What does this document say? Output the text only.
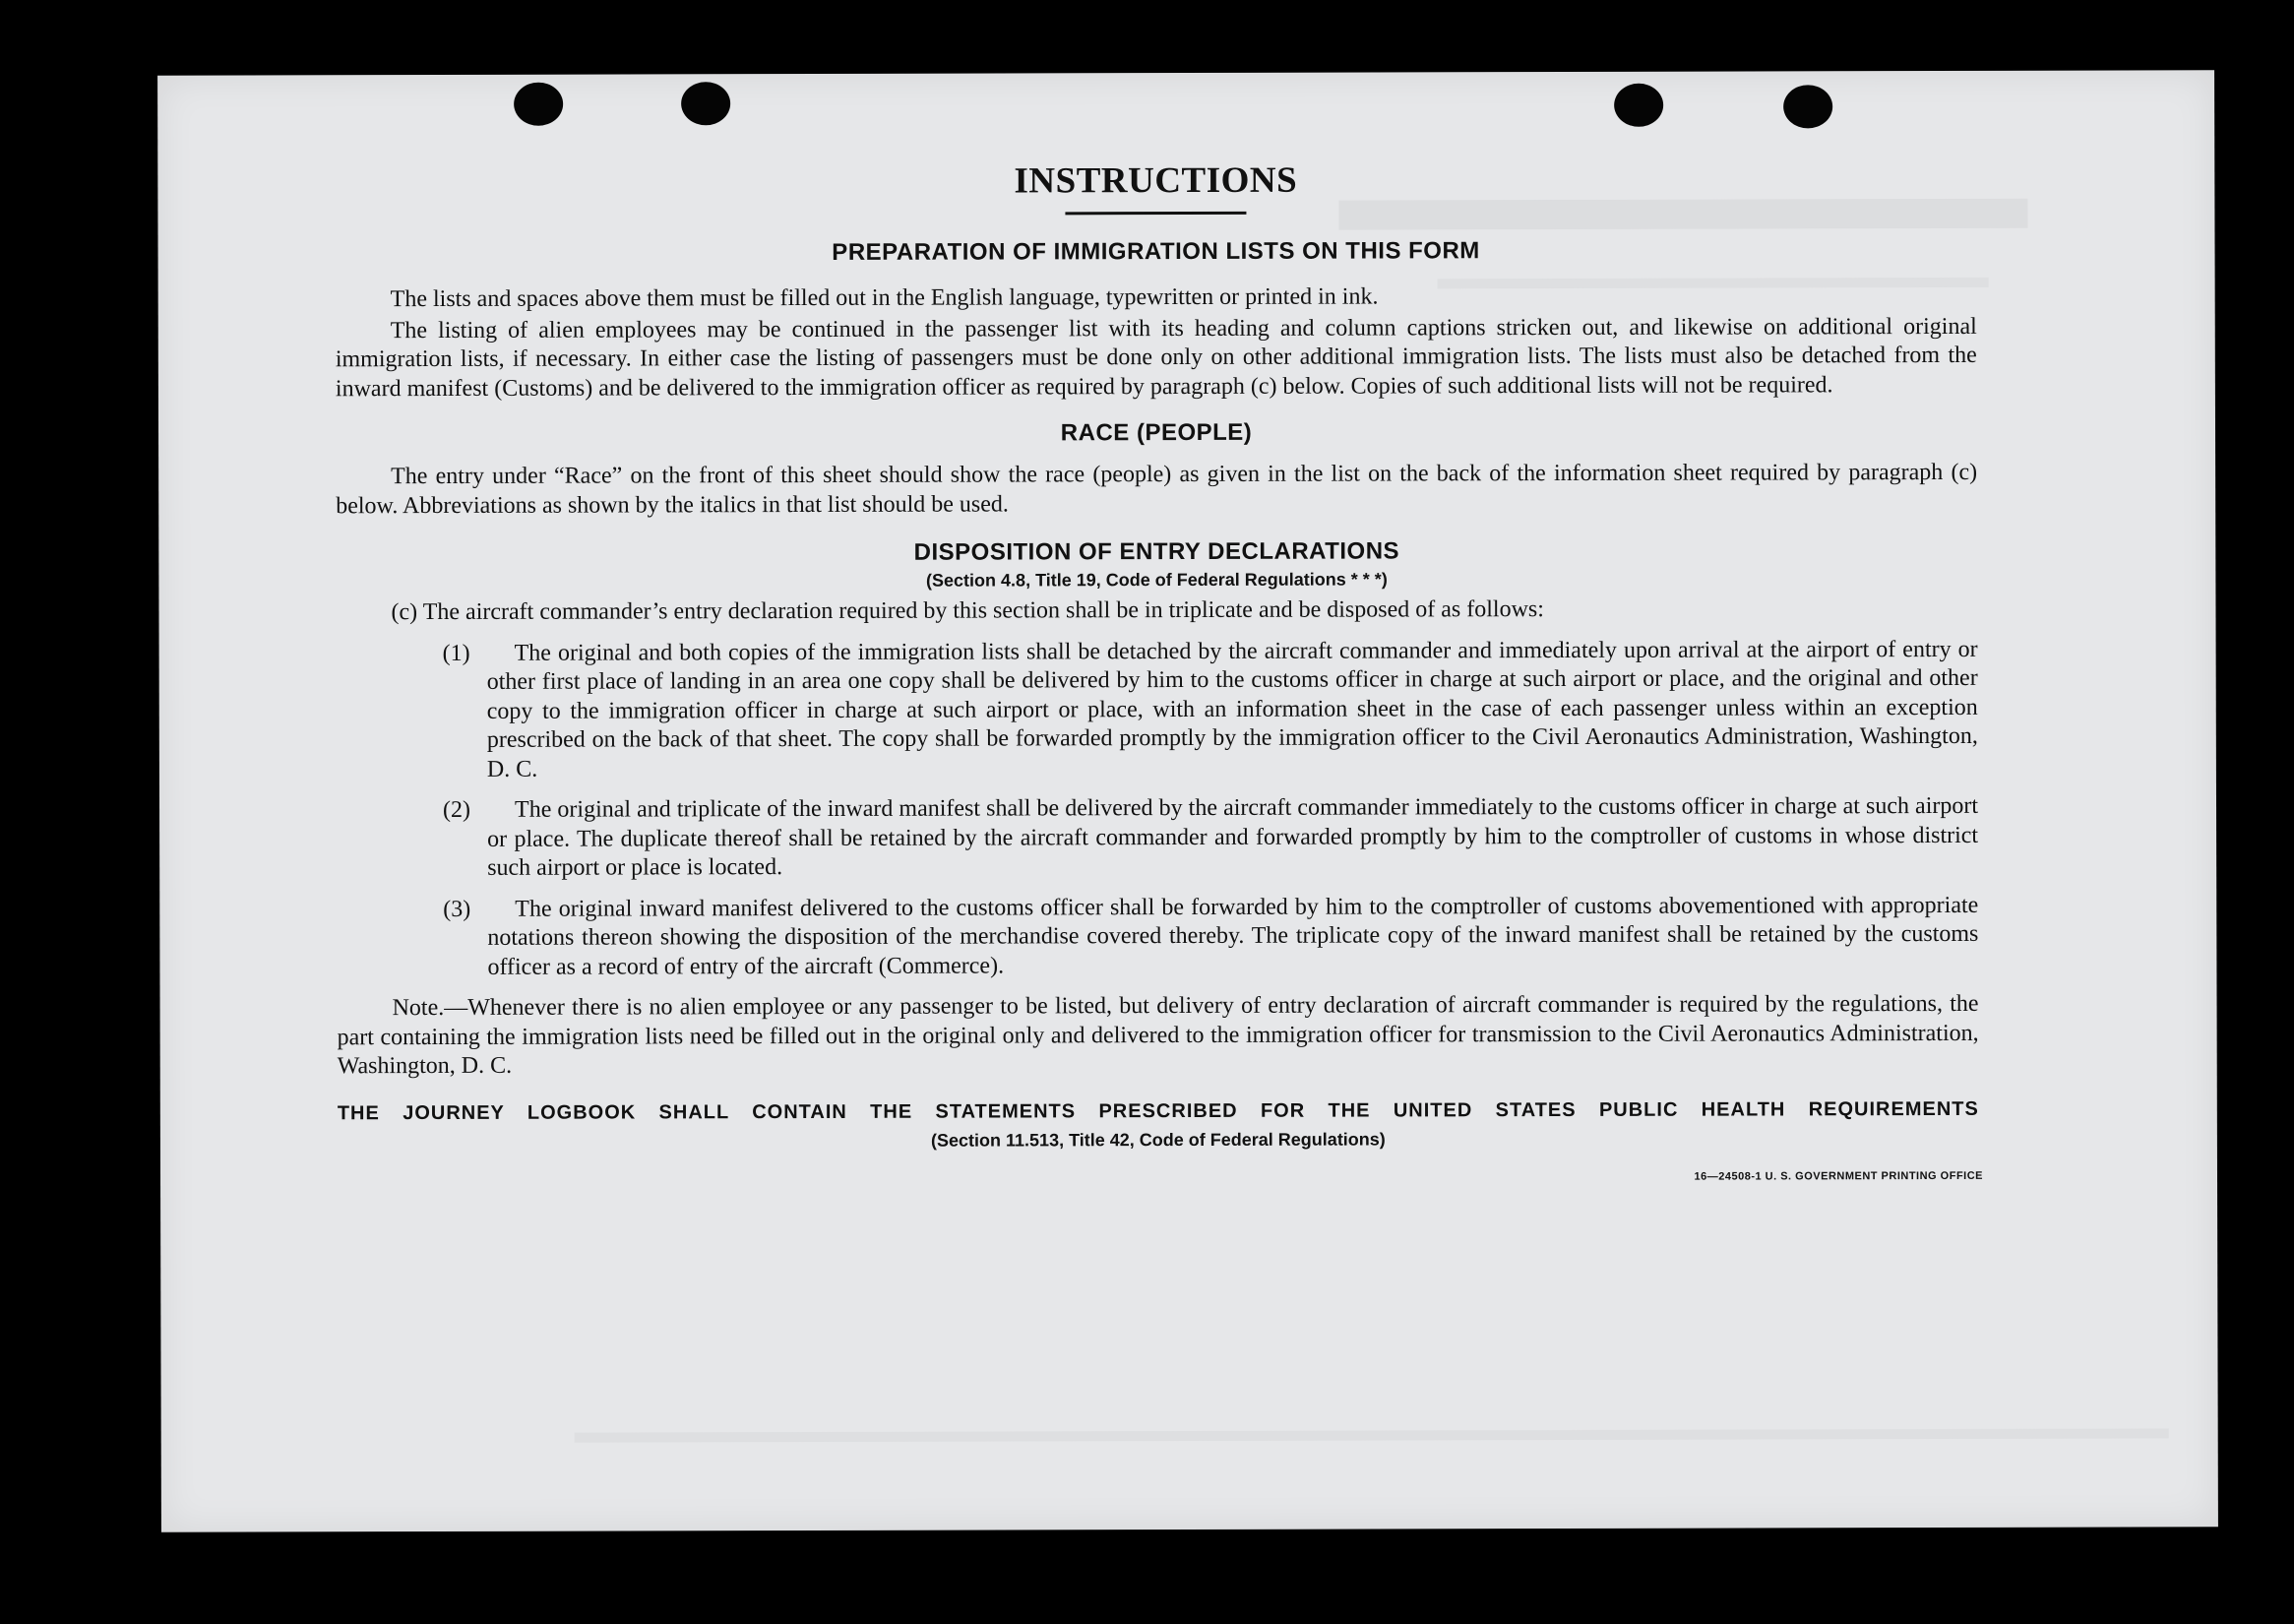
INSTRUCTIONS
PREPARATION OF IMMIGRATION LISTS ON THIS FORM

The lists and spaces above them must be filled out in the English language, typewritten or printed in ink.

The listing of alien employees may be continued in the passenger list with its heading and column captions stricken out, and likewise on additional original immigration lists, if necessary. In either case the listing of passengers must be done only on other additional immigration lists. The lists must also be detached from the inward manifest (Customs) and be delivered to the immigration officer as required by paragraph (c) below. Copies of such additional lists will not be required.

RACE (PEOPLE)

The entry under “Race” on the front of this sheet should show the race (people) as given in the list on the back of the information sheet required by paragraph (c) below. Abbreviations as shown by the italics in that list should be used.

DISPOSITION OF ENTRY DECLARATIONS
(Section 4.8, Title 19, Code of Federal Regulations * * *)

(c) The aircraft commander’s entry declaration required by this section shall be in triplicate and be disposed of as follows:

(1)	The original and both copies of the immigration lists shall be detached by the aircraft commander and immediately upon arrival at the airport of entry or other first place of landing in an area one copy shall be delivered by him to the customs officer in charge at such airport or place, and the original and other copy to the immigration officer in charge at such airport or place, with an information sheet in the case of each passenger unless within an exception prescribed on the back of that sheet. The copy shall be forwarded promptly by the immigration officer to the Civil Aeronautics Administration, Washington, D. C.

(2)	The original and triplicate of the inward manifest shall be delivered by the aircraft commander immediately to the customs officer in charge at such airport or place. The duplicate thereof shall be retained by the aircraft commander and forwarded promptly by him to the comptroller of customs in whose district such airport or place is located.

(3)	The original inward manifest delivered to the customs officer shall be forwarded by him to the comptroller of customs abovementioned with appropriate notations thereon showing the disposition of the merchandise covered thereby. The triplicate copy of the inward manifest shall be retained by the customs officer as a record of entry of the aircraft (Commerce).

Note.—Whenever there is no alien employee or any passenger to be listed, but delivery of entry declaration of aircraft commander is required by the regulations, the part containing the immigration lists need be filled out in the original only and delivered to the immigration officer for transmission to the Civil Aeronautics Administration, Washington, D. C.

THE JOURNEY LOGBOOK SHALL CONTAIN THE STATEMENTS PRESCRIBED FOR THE UNITED STATES PUBLIC HEALTH REQUIREMENTS

(Section 11.513, Title 42, Code of Federal Regulations)
16—24508-1 U. S. GOVERNMENT PRINTING OFFICE
